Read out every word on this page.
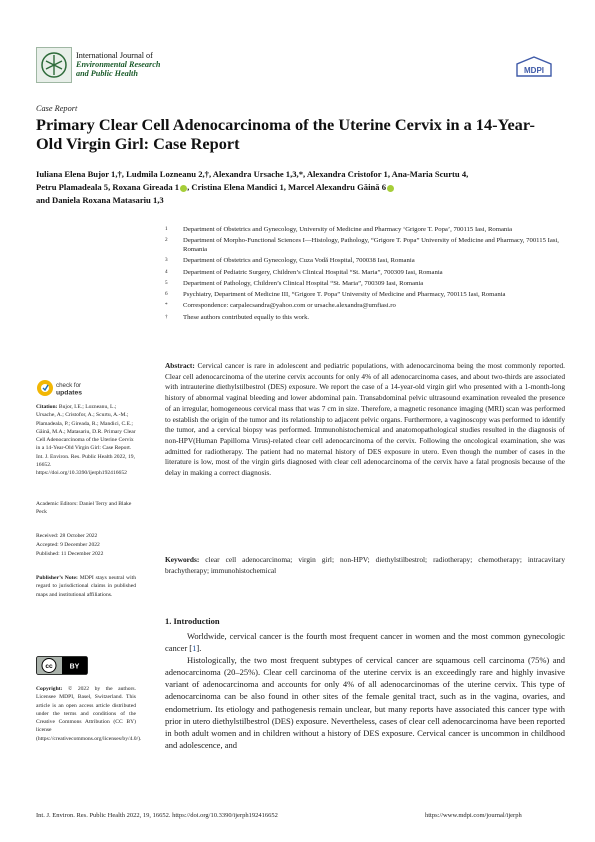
International Journal of
Environmental Research
and Public Health	MDPI
Case Report
Primary Clear Cell Adenocarcinoma of the Uterine Cervix in a 14-Year-Old Virgin Girl: Case Report
Iuliana Elena Bujor 1,†, Ludmila Lozneanu 2,†, Alexandra Ursache 1,3,*, Alexandra Cristofor 1, Ana-Maria Scurtu 4,
Petru Plamadeala 5, Roxana Gireada 1 , Cristina Elena Mandici 1, Marcel Alexandru Găină 6
and Daniela Roxana Matasariu 1,3
1	Department of Obstetrics and Gynecology, University of Medicine and Pharmacy ‘Grigore T. Popa’, 700115 Iasi, Romania
2	Department of Morpho-Functional Sciences I—Histology, Pathology, “Grigore T. Popa” University of Medicine and Pharmacy, 700115 Iasi, Romania
3	Department of Obstetrics and Gynecology, Cuza Vodă Hospital, 700038 Iasi, Romania
4	Department of Pediatric Surgery, Children’s Clinical Hospital “St. Maria”, 700309 Iasi, Romania
5	Department of Pathology, Children’s Clinical Hospital “St. Maria”, 700309 Iasi, Romania
6	Psychiatry, Department of Medicine III, “Grigore T. Popa” University of Medicine and Pharmacy, 700115 Iasi, Romania
*	Correspondence: carpalecsandra@yahoo.com or ursache.alexandra@umfiasi.ro
†	These authors contributed equally to this work.
Abstract: Cervical cancer is rare in adolescent and pediatric populations, with adenocarcinoma being the most commonly reported. Clear cell adenocarcinoma of the uterine cervix accounts for only 4% of all adenocarcinoma cases, and about two-thirds are associated with intrauterine diethylstilbestrol (DES) exposure. We report the case of a 14-year-old virgin girl who presented with a 1-month-long history of abnormal vaginal bleeding and lower abdominal pain. Transabdominal pelvic ultrasound examination revealed the presence of an irregular, homogeneous cervical mass that was 7 cm in size. Therefore, a magnetic resonance imaging (MRI) scan was performed to establish the origin of the tumor and its relationship to adjacent pelvic organs. Furthermore, a vaginoscopy was performed to identify the tumor, and a cervical biopsy was performed. Immunohistochemical and anatomopathological studies resulted in the diagnosis of non-HPV(Human Papilloma Virus)-related clear cell adenocarcinoma of the cervix. Following the oncological examination, she was admitted for radiotherapy. The patient had no maternal history of DES exposure in utero. Even though the number of cases in the literature is low, most of the virgin girls diagnosed with clear cell adenocarcinoma of the cervix have a fatal prognosis because of the delay in making a correct diagnosis.
Keywords: clear cell adenocarcinoma; virgin girl; non-HPV; diethylstilbestrol; radiotherapy; chemotherapy; intracavitary brachytherapy; immunohistochemical
check for
updates
Citation: Bujor, I.E.; Lozneanu, L.; Ursache, A.; Cristofor, A.; Scurtu, A.-M.; Plamadeala, P.; Gireada, R.; Mandici, C.E.; Găină, M.A.; Matasariu, D.R. Primary Clear Cell Adenocarcinoma of the Uterine Cervix in a 14-Year-Old Virgin Girl: Case Report. Int. J. Environ. Res. Public Health 2022, 19, 16652. https://doi.org/10.3390/ijerph192416652
Academic Editors: Daniel Terry and Blake Peck
Received: 28 October 2022
Accepted: 9 December 2022
Published: 11 December 2022
Publisher’s Note: MDPI stays neutral with regard to jurisdictional claims in published maps and institutional affiliations.
cc BY
Copyright: © 2022 by the authors. Licensee MDPI, Basel, Switzerland. This article is an open access article distributed under the terms and conditions of the Creative Commons Attribution (CC BY) license (https://creativecommons.org/licenses/by/4.0/).
1. Introduction

Worldwide, cervical cancer is the fourth most frequent cancer in women and the most common gynecologic cancer [1].

Histologically, the two most frequent subtypes of cervical cancer are squamous cell carcinoma (75%) and adenocarcinoma (20–25%). Clear cell carcinoma of the uterine cervix is an exceedingly rare and highly invasive variant of adenocarcinoma and accounts for only 4% of all adenocarcinomas of the uterine cervix. This type of adenocarcinoma can be also found in other sites of the female genital tract, such as in the vagina, ovaries, and endometrium. Its etiology and pathogenesis remain unclear, but many reports have associated this cancer type with prior in utero diethylstilbestrol (DES) exposure. Nevertheless, cases of clear cell adenocarcinoma have been reported in both adult women and in children without a history of DES exposure. Cervical cancer is uncommon in childhood and adolescence, and

Int. J. Environ. Res. Public Health 2022, 19, 16652. https://doi.org/10.3390/ijerph192416652	https://www.mdpi.com/journal/ijerph
